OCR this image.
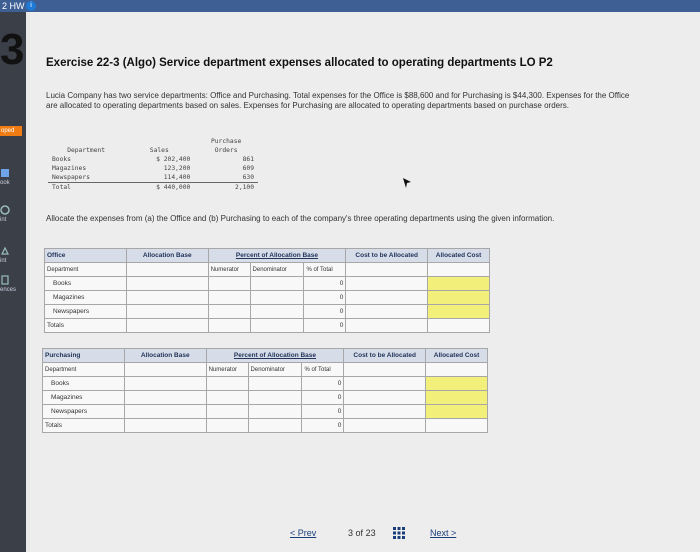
2 HW i
oped
ook
int
int
ences
3 Exercise 22-3 (Algo) Service department expenses allocated to operating departments LO P2
Lucia Company has two service departments: Office and Purchasing. Total expenses for the Office is $88,600 and for Purchasing is $44,300. Expenses for the Office are allocated to operating departments based on sales. Expenses for Purchasing are allocated to operating departments based on purchase orders.
		Purchase
Department	Sales	Orders
Books	$ 202,400	861
Magazines	123,200	609
Newspapers	114,400	630
Total	$ 440,000	2,100
Allocate the expenses from (a) the Office and (b) Purchasing to each of the company's three operating departments using the given information.
Office	Allocation Base	Percent of Allocation Base			Cost to be Allocated	Allocated Cost
Department		Numerator	Denominator	% of Total		
Books				0		
Magazines				0		
Newspapers				0		
Totals				0		
Purchasing	Allocation Base	Percent of Allocation Base			Cost to be Allocated	Allocated Cost
Department		Numerator	Denominator	% of Total		
Books				0		
Magazines				0		
Newspapers				0		
Totals				0		
< Prev	3 of 23	Next >
